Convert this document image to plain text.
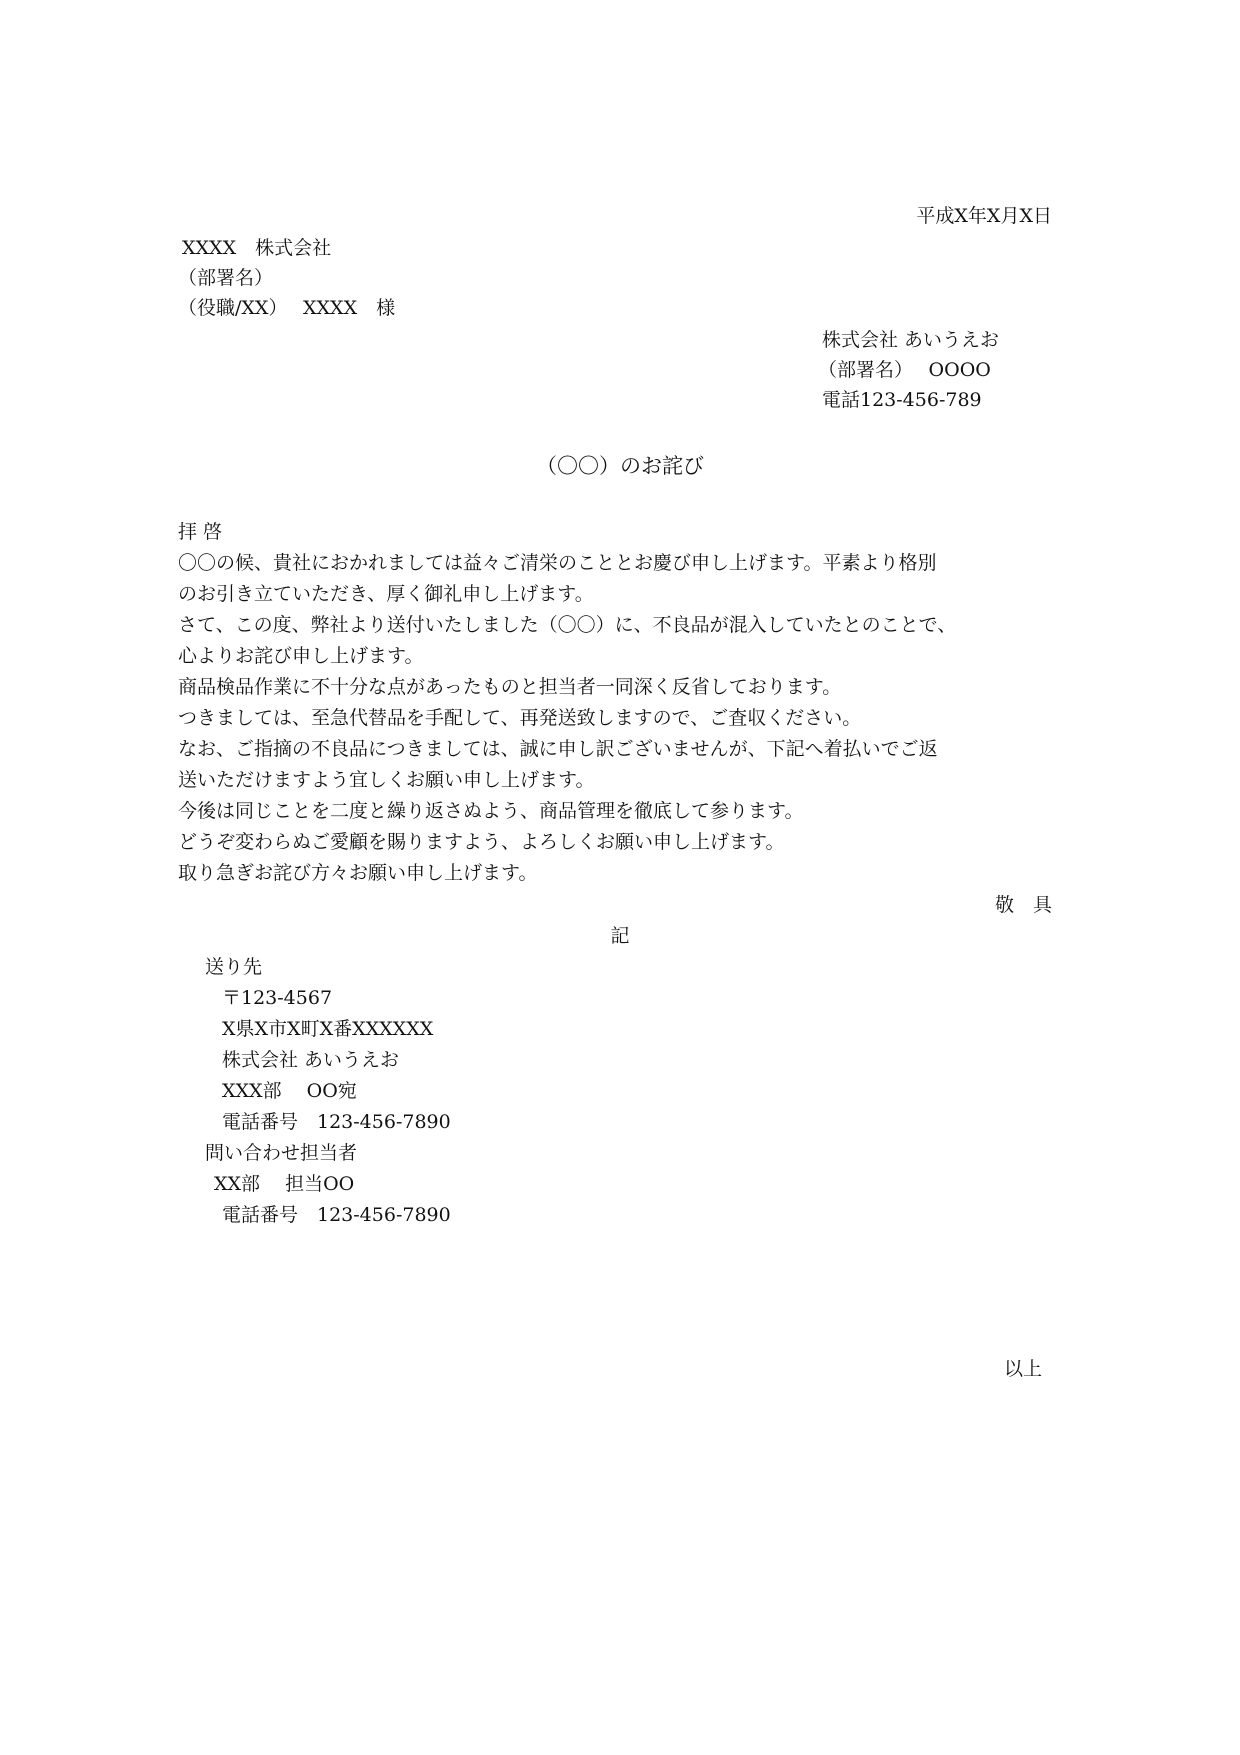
平成X年X月X日
XXXX　株式会社
（部署名）
（役職/XX）　 XXXX　様
株式会社 あいうえお
（部署名）　 OOOO
電話123-456-789
（〇〇）のお詫び
拝 啓
〇〇の候、貴社におかれましては益々ご清栄のこととお慶び申し上げます。平素より格別
のお引き立ていただき、厚く御礼申し上げます。
さて、この度、弊社より送付いたしました（〇〇）に、不良品が混入していたとのことで、
心よりお詫び申し上げます。
商品検品作業に不十分な点があったものと担当者一同深く反省しております。
つきましては、至急代替品を手配して、再発送致しますので、ご査収ください。
なお、ご指摘の不良品につきましては、誠に申し訳ございませんが、下記へ着払いでご返
送いただけますよう宜しくお願い申し上げます。
今後は同じことを二度と繰り返さぬよう、商品管理を徹底して参ります。
どうぞ変わらぬご愛顧を賜りますよう、よろしくお願い申し上げます。
取り急ぎお詫び方々お願い申し上げます。
敬　具
記
送り先
〒123-4567
X県X市X町X番XXXXXX
株式会社 あいうえお
XXX部　 OO宛
電話番号　123-456-7890
問い合わせ担当者
XX部　 担当OO
電話番号　123-456-7890
以上
